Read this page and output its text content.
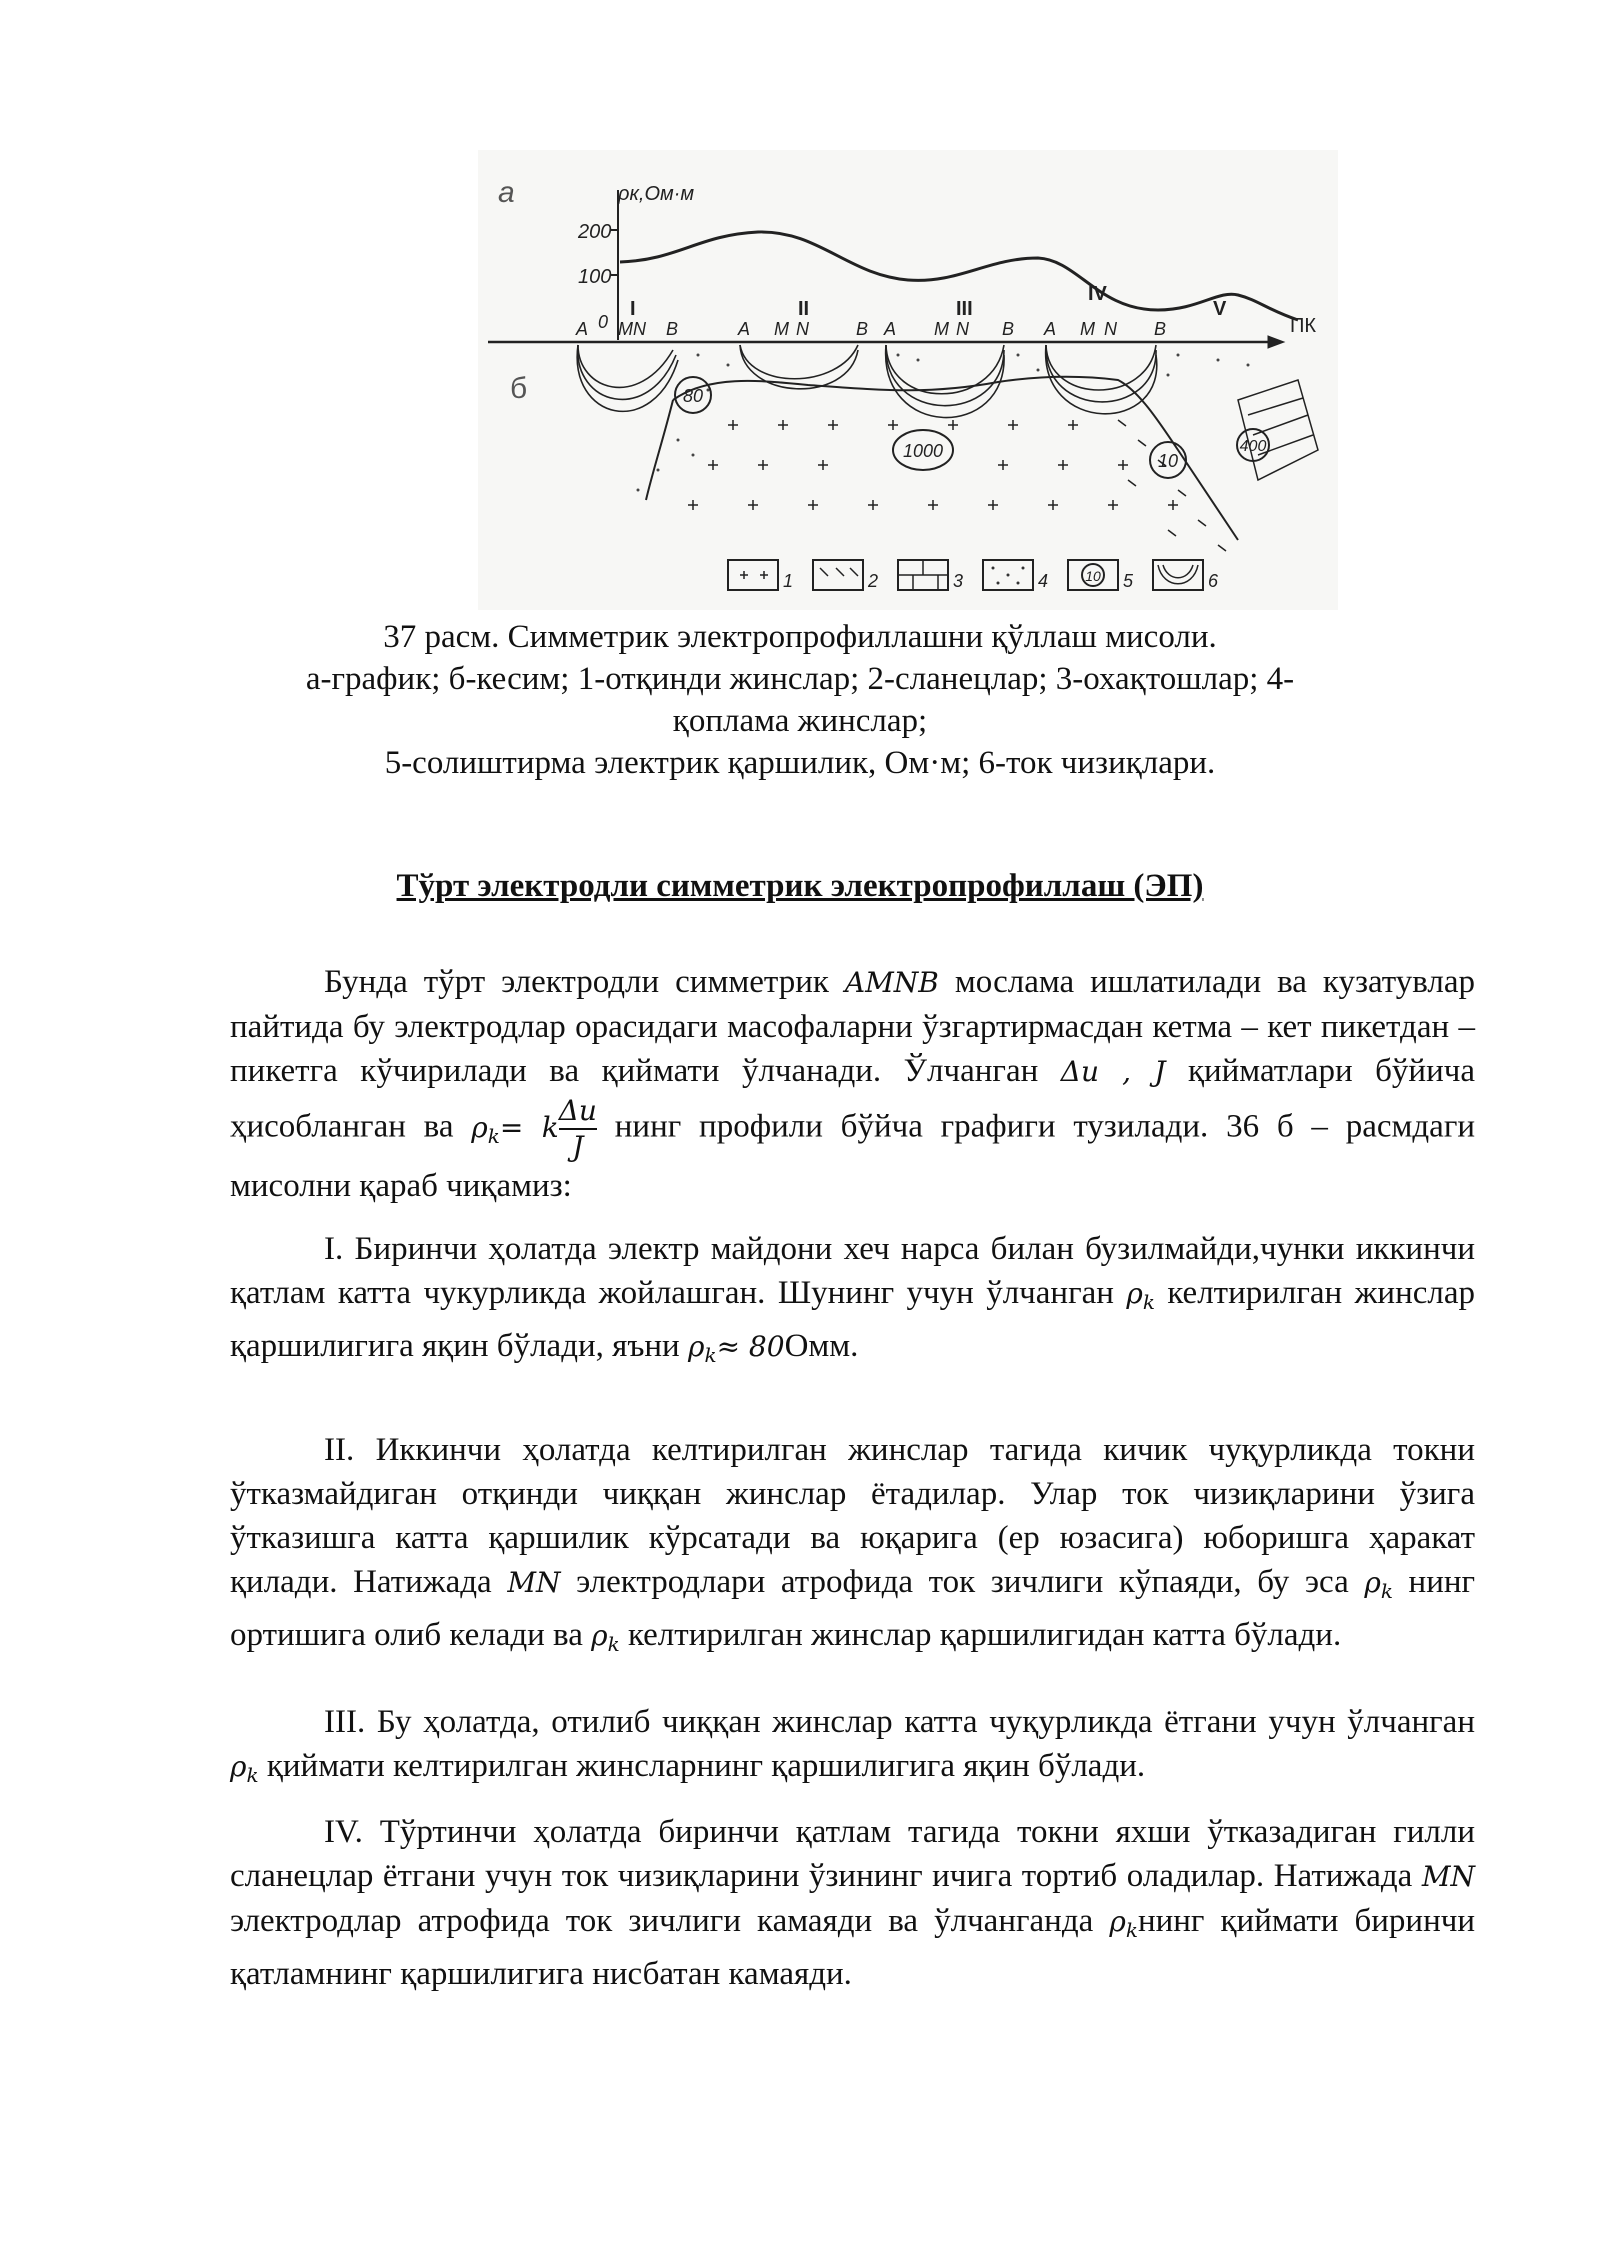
a
б
ρк,Ом·м
200
100
0	ПК
I	II	III
IV
V
A M N B	A M N	B A M N B A M N B
80
1000	10
400
1	2	3	4	10 5	6
37 расм. Симметрик электропрофиллашни қўллаш мисоли.
а-график; б-кесим; 1-отқинди жинслар; 2-сланецлар; 3-охақтошлар; 4-
қоплама жинслар;
5-солиштирма электрик қаршилик, Ом·м; 6-ток чизиқлари.
Тўрт электродли симметрик электропрофиллаш (ЭП)
Бунда тўрт электродли симметрик AMNB мослама ишлатилади ва кузатувлар пайтида бу электродлар орасидаги масофаларни ўзгартирмасдан кетма – кет пикетдан – пикетга кўчирилади ва қиймати ўлчанади. Ўлчанган Δu , J қийматлари бўйича ҳисобланган ва $\rho_k= k \frac{\Delta u}{J}$ нинг профили бўйча графиги тузилади. 36 б – расмдаги мисолни қараб чиқамиз:
I. Биринчи ҳолатда электр майдони хеч нарса билан бузилмайди,чунки иккинчи қатлам катта чукурликда жойлашган. Шунинг учун ўлчанган $\rho_k$ келтирилган жинслар қаршилигига яқин бўлади, яъни $\rho_k\approx 80Омм$.
II. Иккинчи ҳолатда келтирилган жинслар тагида кичик чуқурликда токни ўтказмайдиган отқинди чиққан жинслар ётадилар. Улар ток чизиқларини ўзига ўтказишга катта қаршилик кўрсатади ва юқарига (ер юзасига) юборишга ҳаракат қилади. Натижада MN электродлари атрофида ток зичлиги кўпаяди, бу эса $\rho_k$ нинг ортишига олиб келади ва $\rho_k$ келтирилган жинслар қаршилигидан катта бўлади.
III. Бу ҳолатда, отилиб чиққан жинслар катта чуқурликда ётгани учун ўлчанган $\rho_k$ қиймати келтирилган жинсларнинг қаршилигига яқин бўлади.
IV. Тўртинчи ҳолатда биринчи қатлам тагида токни яхши ўтказадиган гилли сланецлар ётгани учун ток чизиқларини ўзининг ичига тортиб оладилар. Натижада MN электродлар атрофида ток зичлиги камаяди ва ўлчанганда $\rho_kнинг$ қиймати биринчи қатламнинг қаршилигига нисбатан камаяди.
